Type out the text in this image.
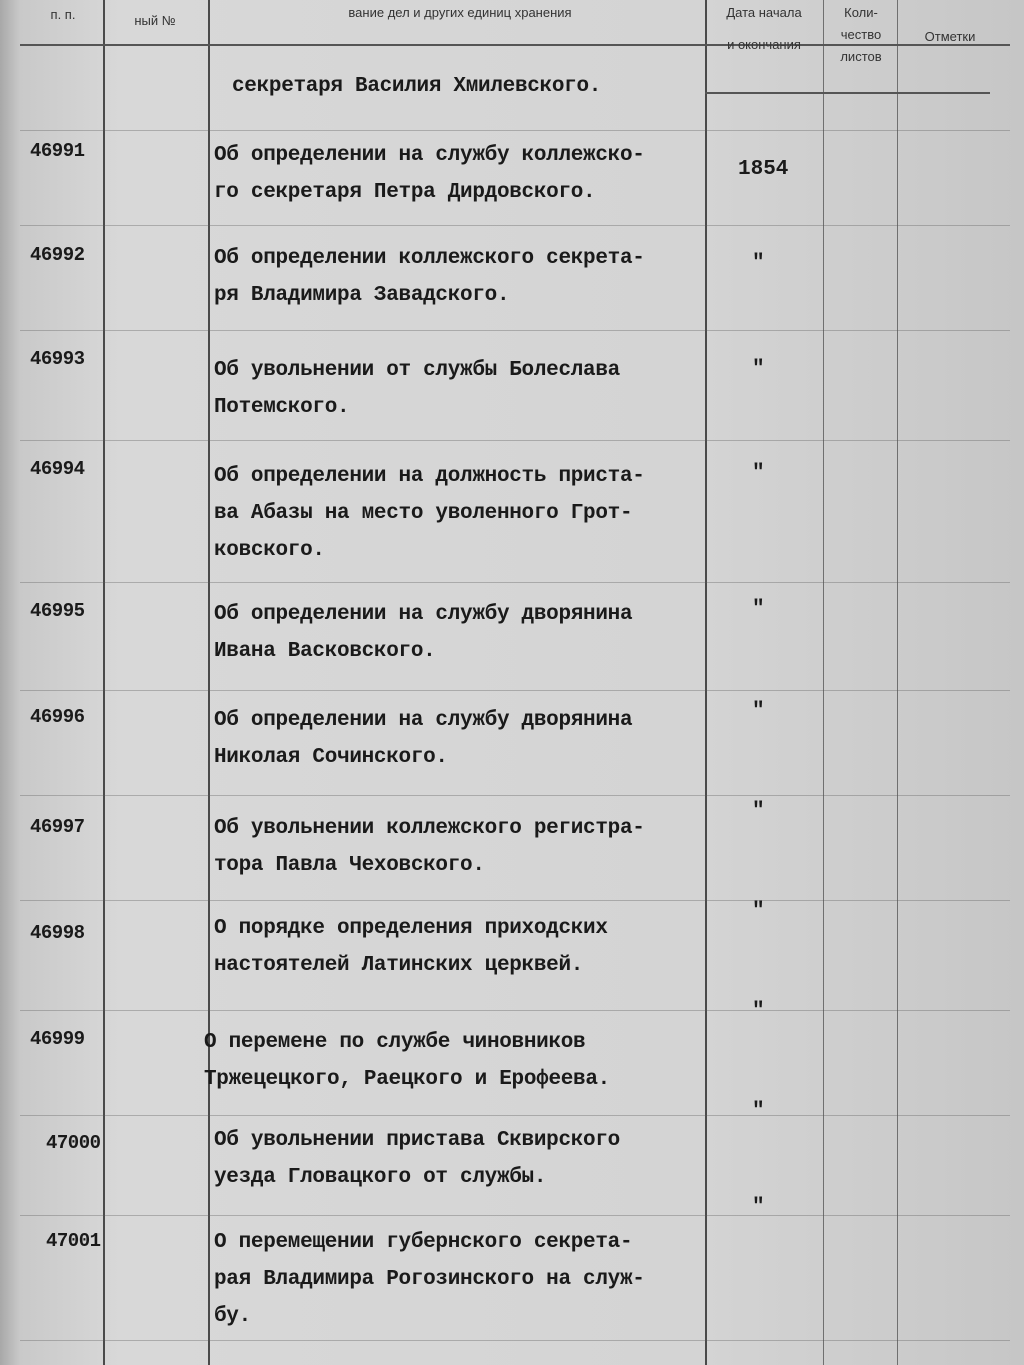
п. п.	ный №
вание дел и других единиц хранения	Дата начала
и окончания
Коли-
чество
листов
Отметки
секретаря Василия Хмилевского.
46991	Об определении на службу коллежско-
го секретаря Петра Дирдовского.
1854
46992	Об определении коллежского секрета-
ря Владимира Завадского.
"
46993	Об увольнении от службы Болеслава
Потемского.
"
46994	Об определении на должность приста-
ва Абазы на место уволенного Грот-
ковского.
"
46995	Об определении на службу дворянина
Ивана Васковского.
"
46996	Об определении на службу дворянина
Николая Сочинского.
"
46997	Об увольнении коллежского регистра-
тора Павла Чеховского.
"
46998	О порядке определения приходских
настоятелей Латинских церквей.
"
46999	О перемене по службе чиновников
Тржецецкого, Раецкого и Ерофеева.
"
47000	Об увольнении пристава Сквирского
уезда Гловацкого от службы.
"
47001	О перемещении губернского секрета-
рая Владимира Рогозинского на служ-
бу.
"
